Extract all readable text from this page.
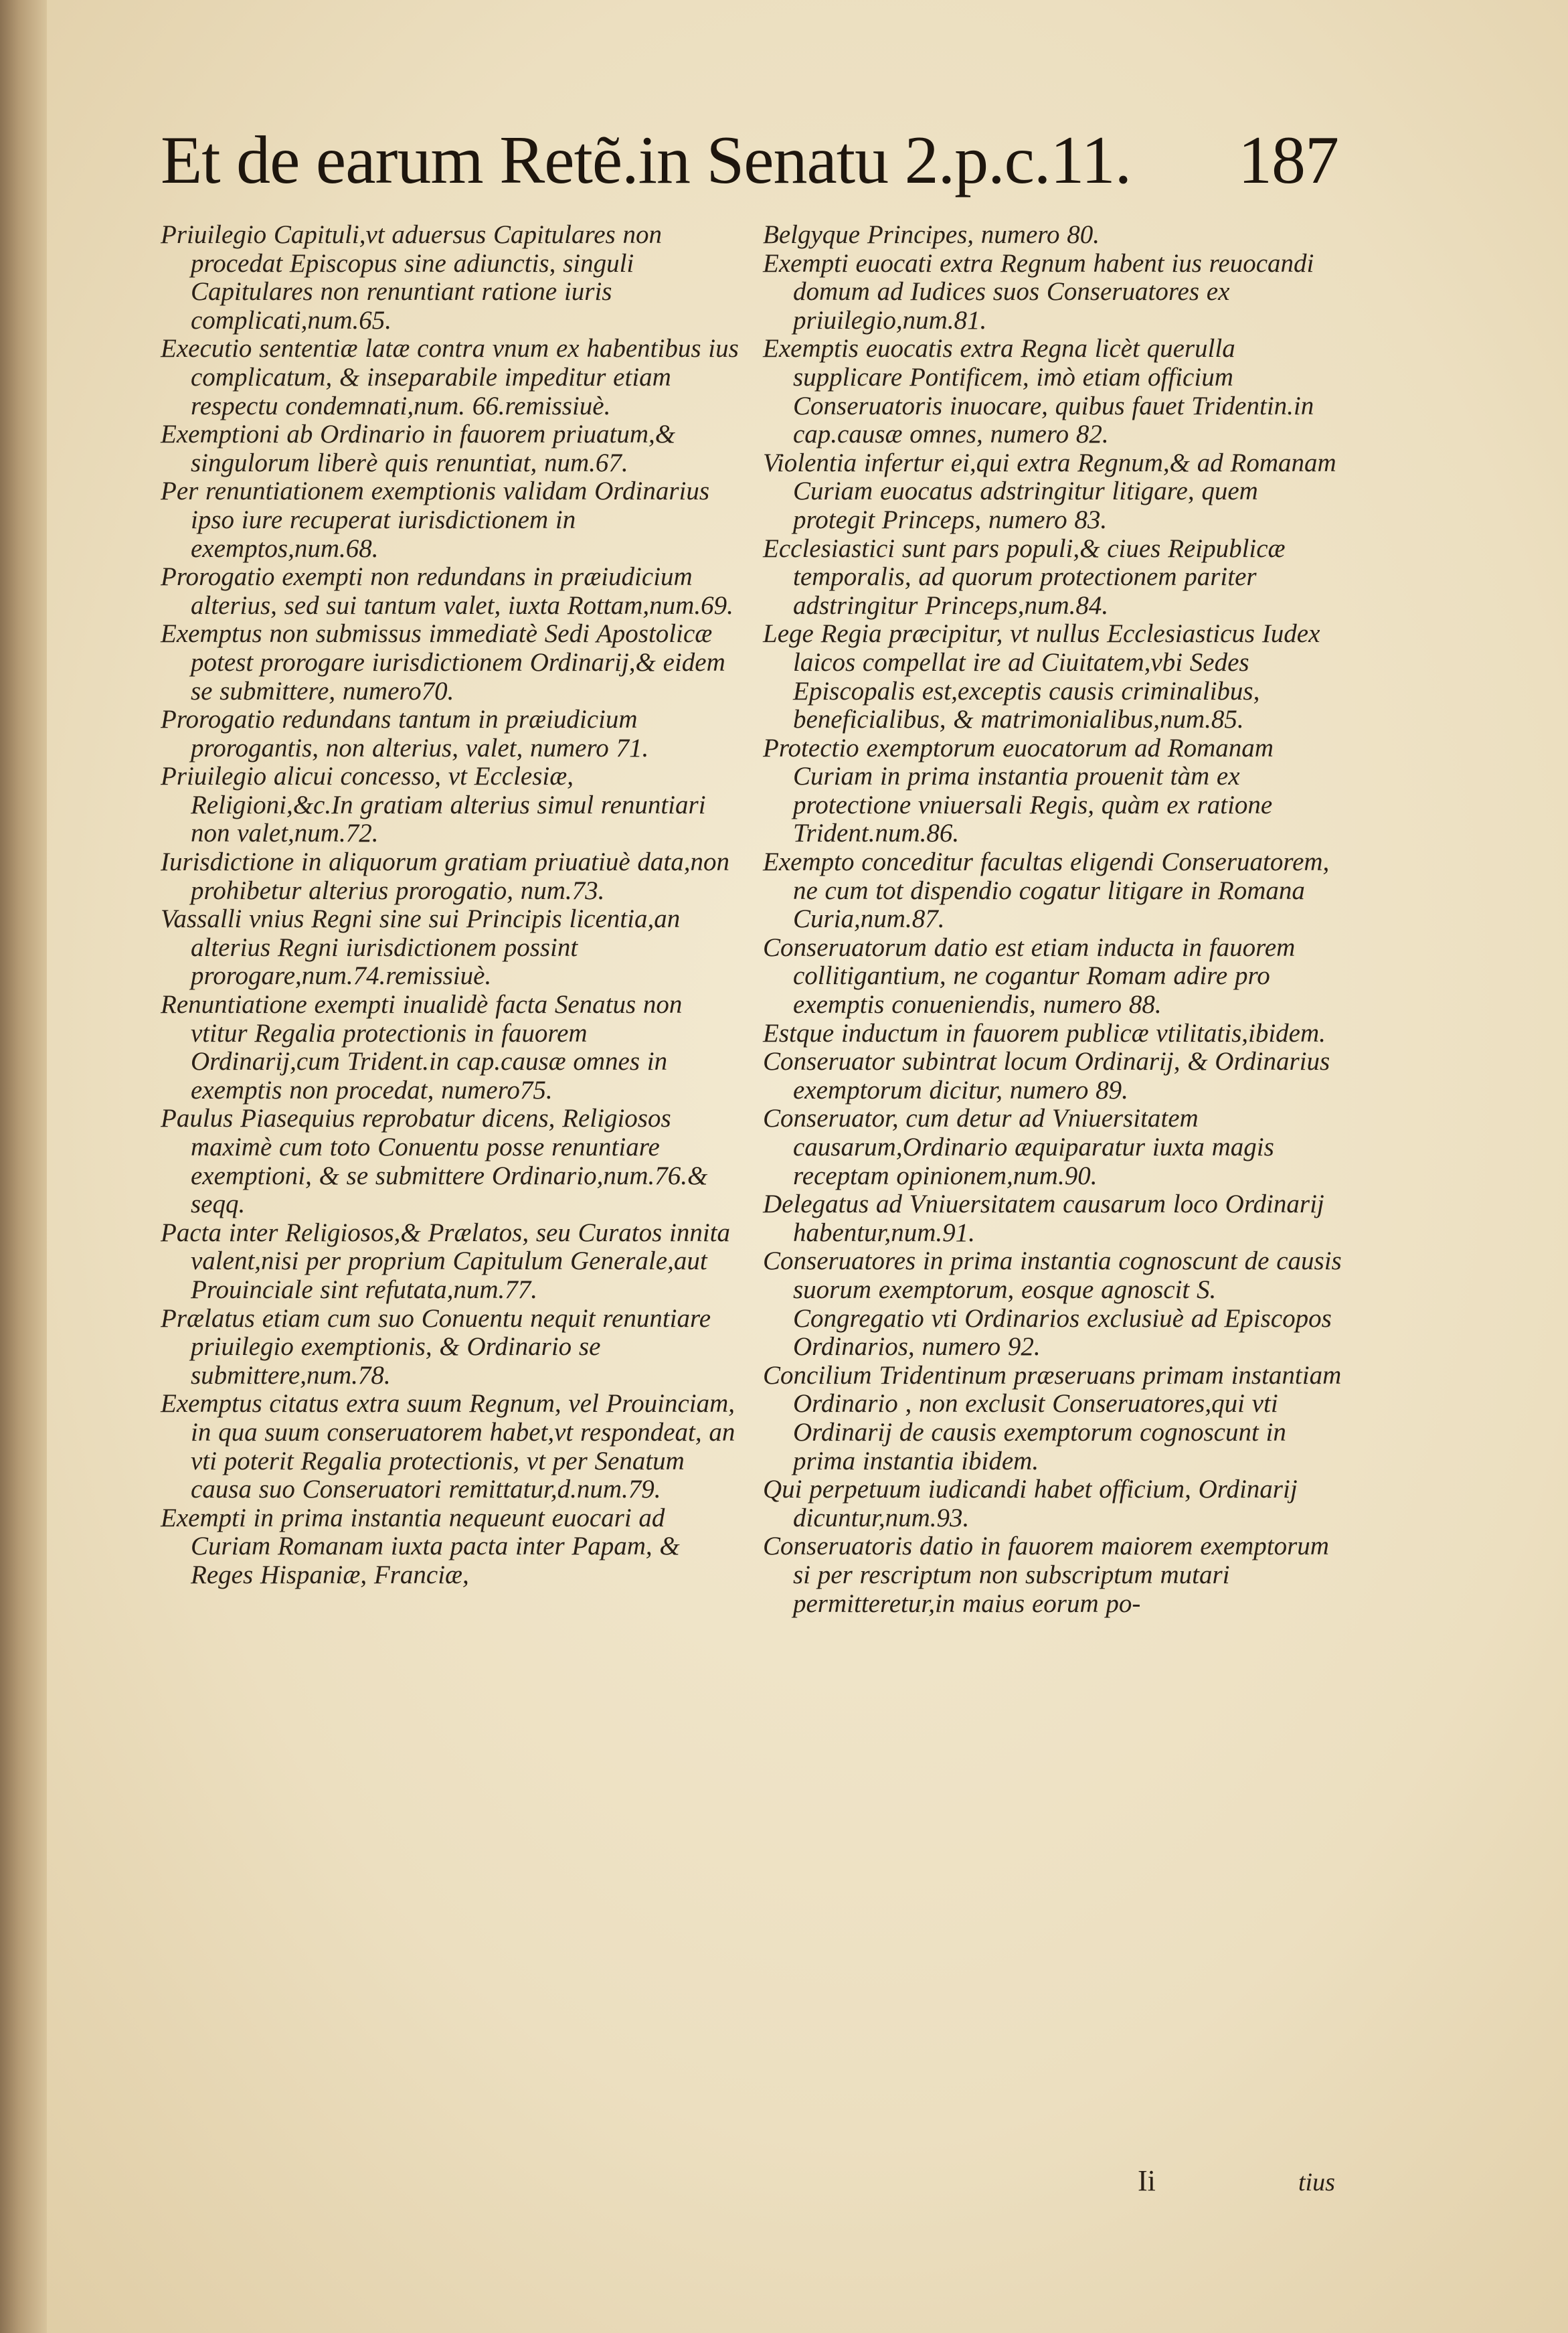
Et de earum Retẽ.in Senatu 2.p.c.11. 187

Priuilegio Capituli,vt aduersus Capitulares non procedat Episcopus sine adiunctis, singuli Capitulares non renuntiant ratione iuris complicati,num.65.

Executio sententiæ latæ contra vnum ex habentibus ius complicatum, & inseparabile impeditur etiam respectu condemnati,num. 66.remissiuè.

Exemptioni ab Ordinario in fauorem priuatum,& singulorum liberè quis renuntiat, num.67.

Per renuntiationem exemptionis validam Ordinarius ipso iure recuperat iurisdictionem in exemptos,num.68.

Prorogatio exempti non redundans in præiudicium alterius, sed sui tantum valet, iuxta Rottam,num.69.

Exemptus non submissus immediatè Sedi Apostolicæ potest prorogare iurisdictionem Ordinarij,& eidem se submittere, numero70.

Prorogatio redundans tantum in præiudicium prorogantis, non alterius, valet, numero 71.

Priuilegio alicui concesso, vt Ecclesiæ, Religioni,&c.In gratiam alterius simul renuntiari non valet,num.72.

Iurisdictione in aliquorum gratiam priuatiuè data,non prohibetur alterius prorogatio, num.73.

Vassalli vnius Regni sine sui Principis licentia,an alterius Regni iurisdictionem possint prorogare,num.74.remissiuè.

Renuntiatione exempti inualidè facta Senatus non vtitur Regalia protectionis in fauorem Ordinarij,cum Trident.in cap.causæ omnes in exemptis non procedat, numero75.

Paulus Piasequius reprobatur dicens, Religiosos maximè cum toto Conuentu posse renuntiare exemptioni, & se submittere Ordinario,num.76.& seqq.

Pacta inter Religiosos,& Prælatos, seu Curatos innita valent,nisi per proprium Capitulum Generale,aut Prouinciale sint refutata,num.77.

Prælatus etiam cum suo Conuentu nequit renuntiare priuilegio exemptionis, & Ordinario se submittere,num.78.

Exemptus citatus extra suum Regnum, vel Prouinciam, in qua suum conseruatorem habet,vt respondeat, an vti poterit Regalia protectionis, vt per Senatum causa suo Conseruatori remittatur,d.num.79.

Exempti in prima instantia nequeunt euocari ad Curiam Romanam iuxta pacta inter Papam, & Reges Hispaniæ, Franciæ,

Belgyque Principes, numero 80.

Exempti euocati extra Regnum habent ius reuocandi domum ad Iudices suos Conseruatores ex priuilegio,num.81.

Exemptis euocatis extra Regna licèt querulla supplicare Pontificem, imò etiam officium Conseruatoris inuocare, quibus fauet Tridentin.in cap.causæ omnes, numero 82.

Violentia infertur ei,qui extra Regnum,& ad Romanam Curiam euocatus adstringitur litigare, quem protegit Princeps, numero 83.

Ecclesiastici sunt pars populi,& ciues Reipublicæ temporalis, ad quorum protectionem pariter adstringitur Princeps,num.84.

Lege Regia præcipitur, vt nullus Ecclesiasticus Iudex laicos compellat ire ad Ciuitatem,vbi Sedes Episcopalis est,exceptis causis criminalibus, beneficialibus, & matrimonialibus,num.85.

Protectio exemptorum euocatorum ad Romanam Curiam in prima instantia prouenit tàm ex protectione vniuersali Regis, quàm ex ratione Trident.num.86.

Exempto conceditur facultas eligendi Conseruatorem, ne cum tot dispendio cogatur litigare in Romana Curia,num.87.

Conseruatorum datio est etiam inducta in fauorem collitigantium, ne cogantur Romam adire pro exemptis conueniendis, numero 88.

Estque inductum in fauorem publicæ vtilitatis,ibidem.

Conseruator subintrat locum Ordinarij, & Ordinarius exemptorum dicitur, numero 89.

Conseruator, cum detur ad Vniuersitatem causarum,Ordinario æquiparatur iuxta magis receptam opinionem,num.90.

Delegatus ad Vniuersitatem causarum loco Ordinarij habentur,num.91.

Conseruatores in prima instantia cognoscunt de causis suorum exemptorum, eosque agnoscit S. Congregatio vti Ordinarios exclusiuè ad Episcopos Ordinarios, numero 92.

Concilium Tridentinum præseruans primam instantiam Ordinario , non exclusit Conseruatores,qui vti Ordinarij de causis exemptorum cognoscunt in prima instantia ibidem.

Qui perpetuum iudicandi habet officium, Ordinarij dicuntur,num.93.

Conseruatoris datio in fauorem maiorem exemptorum si per rescriptum non subscriptum mutari permitteretur,in maius eorum po-

Ii	tius
